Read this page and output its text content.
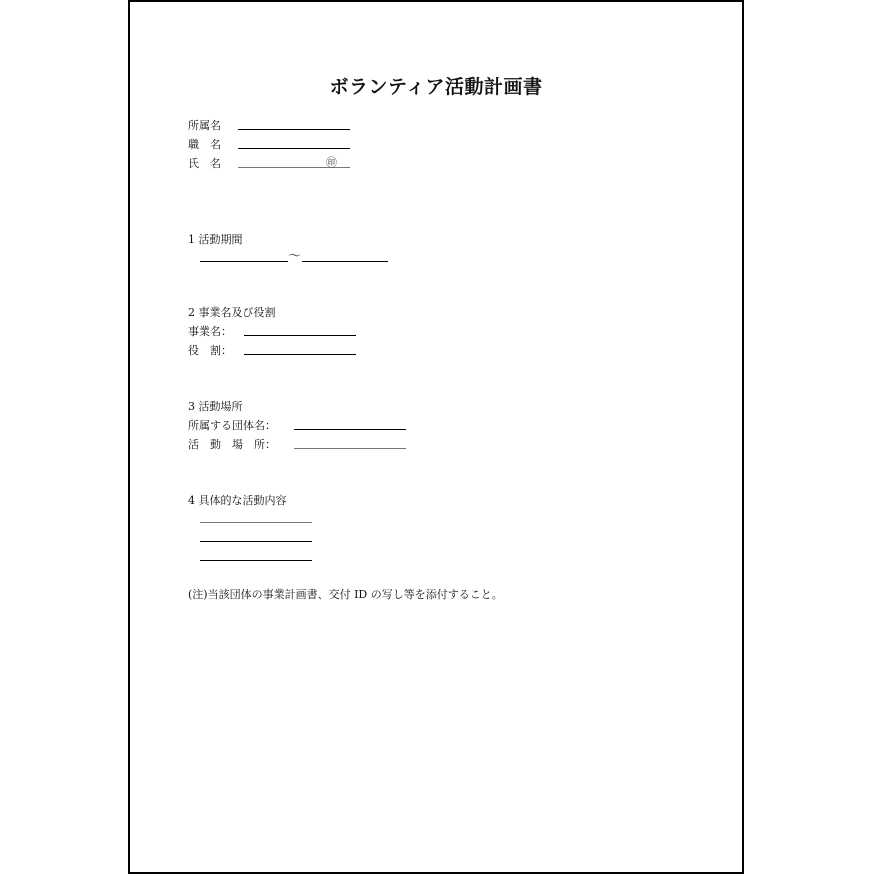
ボランティア活動計画書
所属名
職　名
氏　名	㊞
1 活動期間
～
2 事業名及び役割
事業名：
役　割：
3 活動場所
所属する団体名：
活　動　場　所：
4 具体的な活動内容
(注)当該団体の事業計画書、交付 ID の写し等を添付すること。
